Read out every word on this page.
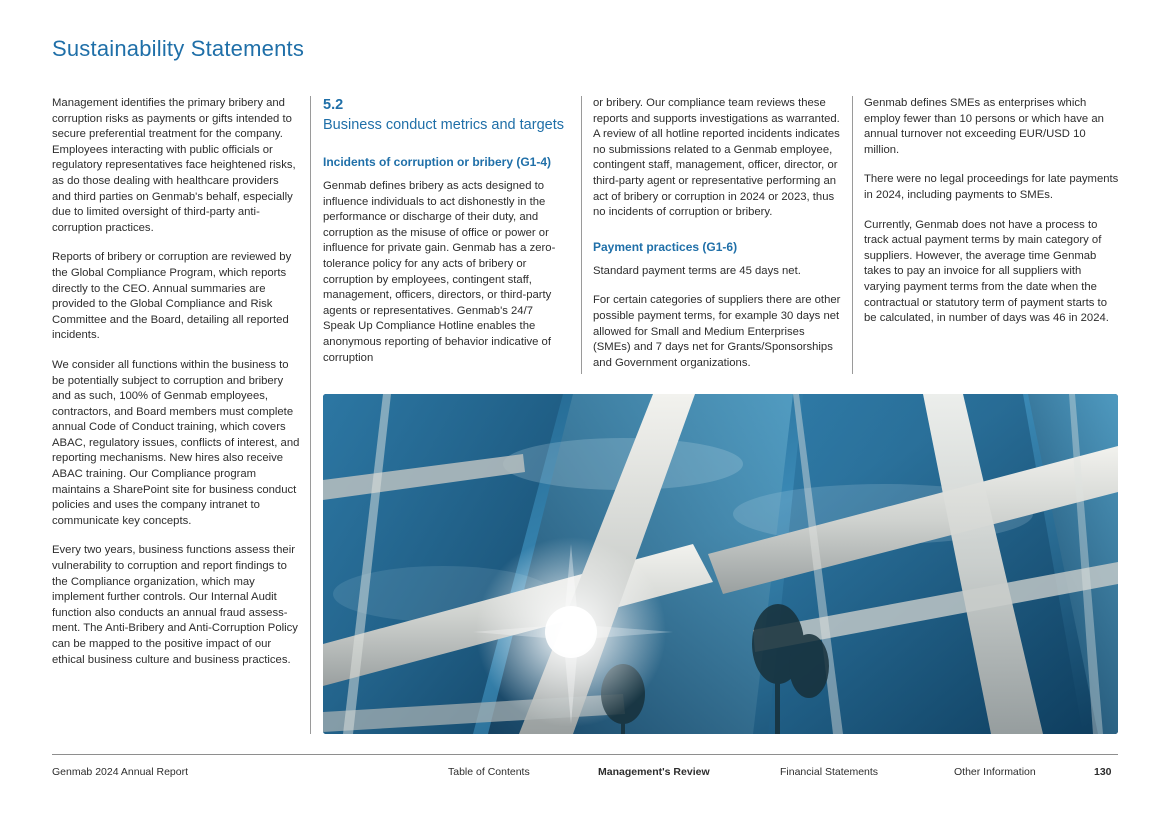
Sustainability Statements

Management identifies the primary bribery and corruption risks as payments or gifts intended to secure preferential treatment for the company. Employees interacting with public officials or regulatory representatives face heightened risks, as do those dealing with healthcare providers and third parties on Genmab's behalf, especially due to limited oversight of third-party anti-corruption practices.

Reports of bribery or corruption are reviewed by the Global Compliance Program, which reports directly to the CEO. Annual summaries are provided to the Global Compliance and Risk Committee and the Board, detailing all reported incidents.

We consider all functions within the business to be potentially subject to corruption and bribery and as such, 100% of Genmab employees, contractors, and Board members must complete annual Code of Conduct training, which covers ABAC, regulatory issues, conflicts of interest, and reporting mechanisms. New hires also receive ABAC training. Our Compliance program maintains a SharePoint site for business conduct policies and uses the company intranet to communicate key concepts.

Every two years, business functions assess their vulnerability to corruption and report findings to the Compliance organization, which may implement further controls. Our Internal Audit function also conducts an annual fraud assess-ment. The Anti-Bribery and Anti-Corruption Policy can be mapped to the positive impact of our ethical business culture and business practices.

5.2
Business conduct metrics and targets
Incidents of corruption or bribery (G1-4)

Genmab defines bribery as acts designed to influence individuals to act dishonestly in the performance or discharge of their duty, and corruption as the misuse of office or power or influence for private gain. Genmab has a zero-tolerance policy for any acts of bribery or corruption by employees, contingent staff, management, officers, directors, or third-party agents or representatives. Genmab's 24/7 Speak Up Compliance Hotline enables the anonymous reporting of behavior indicative of corruption

or bribery. Our compliance team reviews these reports and supports investigations as warranted. A review of all hotline reported incidents indicates no submissions related to a Genmab employee, contingent staff, management, officer, director, or third-party agent or representative performing an act of bribery or corruption in 2024 or 2023, thus no incidents of corruption or bribery.

Payment practices (G1-6)

Standard payment terms are 45 days net.

For certain categories of suppliers there are other possible payment terms, for example 30 days net allowed for Small and Medium Enterprises (SMEs) and 7 days net for Grants/Sponsorships and Government organizations.

Genmab defines SMEs as enterprises which employ fewer than 10 persons or which have an annual turnover not exceeding EUR/USD 10 million.

There were no legal proceedings for late payments in 2024, including payments to SMEs.

Currently, Genmab does not have a process to track actual payment terms by main category of suppliers. However, the average time Genmab takes to pay an invoice for all suppliers with varying payment terms from the date when the contractual or statutory term of payment starts to be calculated, in number of days was 46 in 2024.

Genmab 2024 Annual Report	Table of Contents	Management's Review	Financial Statements	Other Information	130
